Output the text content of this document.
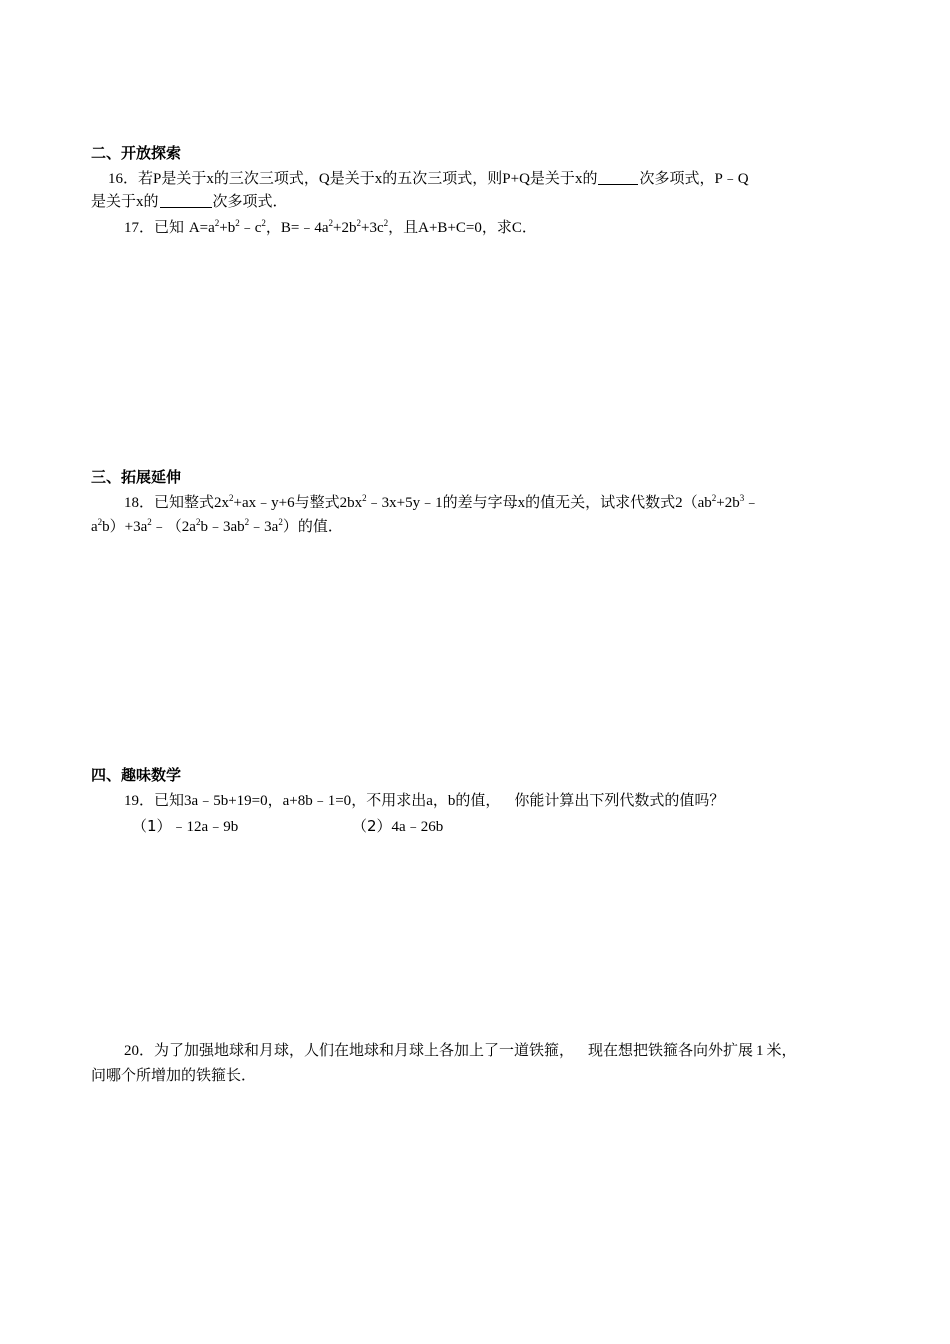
二、开放探索
16．若P是关于x的三次三项式，Q是关于x的五次三项式，则P+Q是关于x的	次多项式，P﹣Q
是关于x的	次多项式．
17．已知 $A=a^2+b^2﹣c^2$，$B=﹣4a^2+2b^2+3c^2$，且A+B+C=0，求C．
三、拓展延伸
18．已知整式$2x^2+ax﹣y+6$与整式$2bx^2﹣3x+5y﹣1$的差与字母x的值无关，试求代数式$2(ab^2+2b^3﹣$
$a^2b)+3a^2﹣(2a^2b﹣3ab^2﹣3a^2)$的值．
四、趣味数学
19．已知3a﹣5b+19=0，a+8b﹣1=0，不用求出a，b的值， 你能计算出下列代数式的值吗？
（1）﹣12a﹣9b	（2）4a﹣26b
20．为了加强地球和月球，人们在地球和月球上各加上了一道铁箍， 现在想把铁箍各向外扩展 1 米，
问哪个所增加的铁箍长．
